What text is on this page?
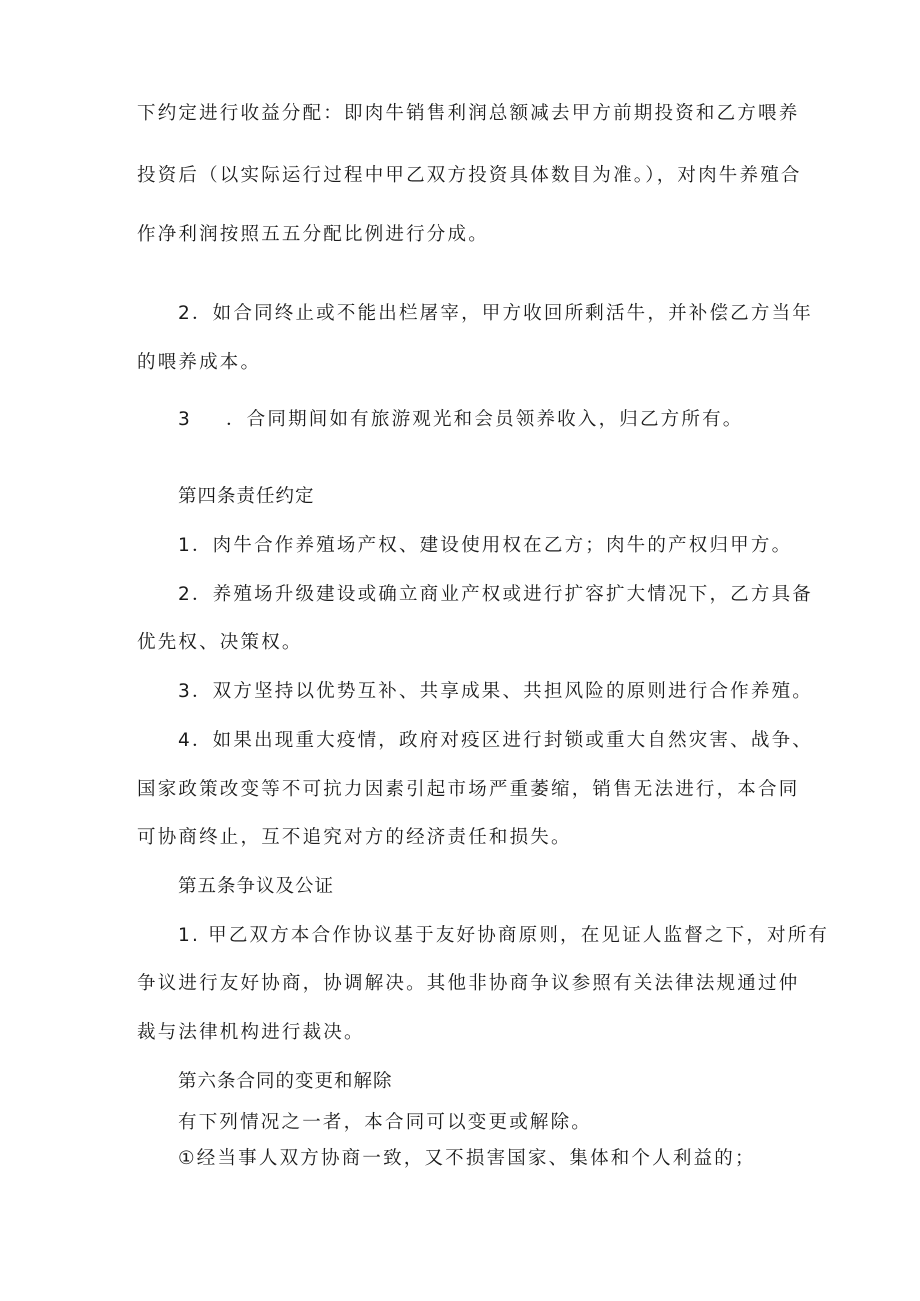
下约定进行收益分配：即肉牛销售利润总额减去甲方前期投资和乙方喂养
投资后（以实际运行过程中甲乙双方投资具体数目为准。），对肉牛养殖合
作净利润按照五五分配比例进行分成。
2．如合同终止或不能出栏屠宰，甲方收回所剩活牛，并补偿乙方当年
的喂养成本。
3 ．合同期间如有旅游观光和会员领养收入，归乙方所有。
第四条责任约定
1．肉牛合作养殖场产权、建设使用权在乙方；肉牛的产权归甲方。
2．养殖场升级建设或确立商业产权或进行扩容扩大情况下，乙方具备
优先权、决策权。
3．双方坚持以优势互补、共享成果、共担风险的原则进行合作养殖。
4．如果出现重大疫情，政府对疫区进行封锁或重大自然灾害、战争、
国家政策改变等不可抗力因素引起市场严重萎缩，销售无法进行，本合同
可协商终止，互不追究对方的经济责任和损失。
第五条争议及公证
1. 甲乙双方本合作协议基于友好协商原则，在见证人监督之下，对所有
争议进行友好协商，协调解决。其他非协商争议参照有关法律法规通过仲
裁与法律机构进行裁决。
第六条合同的变更和解除
有下列情况之一者，本合同可以变更或解除。
①经当事人双方协商一致，又不损害国家、集体和个人利益的；
